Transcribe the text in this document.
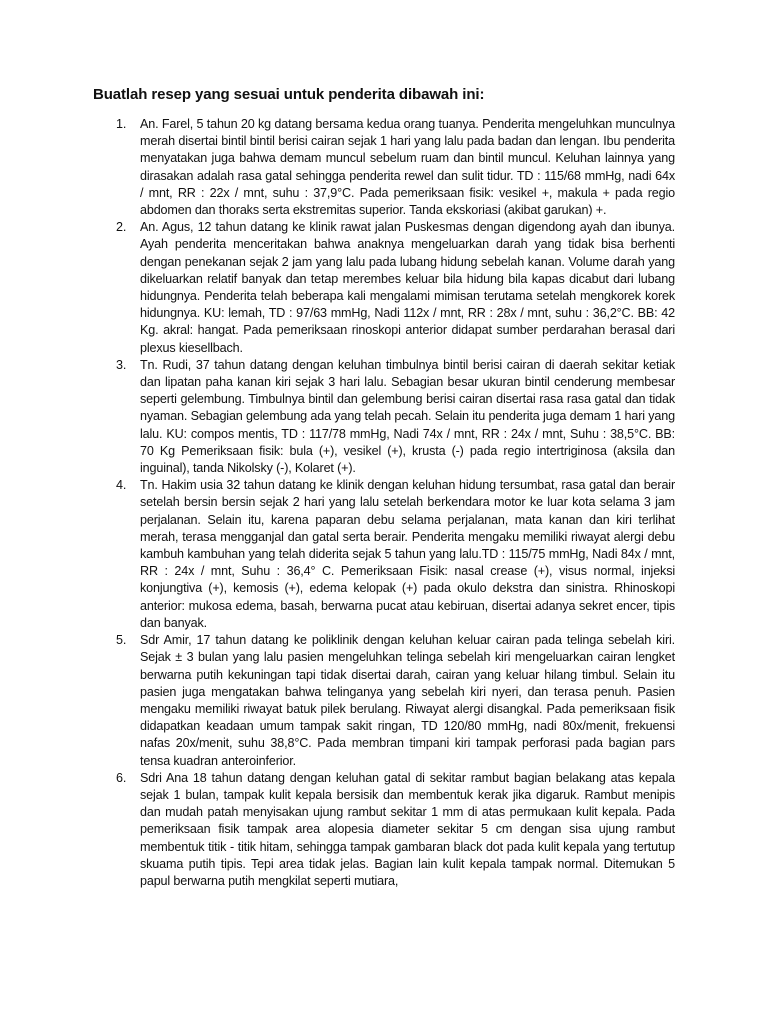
Buatlah resep yang sesuai untuk penderita dibawah ini:
1.	An. Farel, 5 tahun 20 kg datang bersama kedua orang tuanya. Penderita mengeluhkan munculnya merah disertai bintil bintil berisi cairan sejak 1 hari yang lalu pada badan dan lengan. Ibu penderita menyatakan juga bahwa demam muncul sebelum ruam dan bintil muncul. Keluhan lainnya yang dirasakan adalah rasa gatal sehingga penderita rewel dan sulit tidur. TD : 115/68 mmHg, nadi 64x / mnt, RR : 22x / mnt, suhu : 37,9°C. Pada pemeriksaan fisik: vesikel +, makula + pada regio abdomen dan thoraks serta ekstremitas superior. Tanda ekskoriasi (akibat garukan) +.
2.	An. Agus, 12 tahun datang ke klinik rawat jalan Puskesmas dengan digendong ayah dan ibunya. Ayah penderita menceritakan bahwa anaknya mengeluarkan darah yang tidak bisa berhenti dengan penekanan sejak 2 jam yang lalu pada lubang hidung sebelah kanan. Volume darah yang dikeluarkan relatif banyak dan tetap merembes keluar bila hidung bila kapas dicabut dari lubang hidungnya. Penderita telah beberapa kali mengalami mimisan terutama setelah mengkorek korek hidungnya. KU: lemah, TD : 97/63 mmHg, Nadi 112x / mnt, RR : 28x / mnt, suhu : 36,2°C. BB: 42 Kg. akral: hangat. Pada pemeriksaan rinoskopi anterior didapat sumber perdarahan berasal dari plexus kiesellbach.
3.	Tn. Rudi, 37 tahun datang dengan keluhan timbulnya bintil berisi cairan di daerah sekitar ketiak dan lipatan paha kanan kiri sejak 3 hari lalu. Sebagian besar ukuran bintil cenderung membesar seperti gelembung. Timbulnya bintil dan gelembung berisi cairan disertai rasa rasa gatal dan tidak nyaman. Sebagian gelembung ada yang telah pecah. Selain itu penderita juga demam 1 hari yang lalu. KU: compos mentis, TD : 117/78 mmHg, Nadi 74x / mnt, RR : 24x / mnt, Suhu : 38,5°C. BB: 70 Kg Pemeriksaan fisik: bula (+), vesikel (+), krusta (-) pada regio intertriginosa (aksila dan inguinal), tanda Nikolsky (-), Kolaret (+).
4.	Tn. Hakim usia 32 tahun datang ke klinik dengan keluhan hidung tersumbat, rasa gatal dan berair setelah bersin bersin sejak 2 hari yang lalu setelah berkendara motor ke luar kota selama 3 jam perjalanan. Selain itu, karena paparan debu selama perjalanan, mata kanan dan kiri terlihat merah, terasa mengganjal dan gatal serta berair. Penderita mengaku memiliki riwayat alergi debu kambuh kambuhan yang telah diderita sejak 5 tahun yang lalu.TD : 115/75 mmHg, Nadi 84x / mnt, RR : 24x / mnt, Suhu : 36,4° C. Pemeriksaan Fisik: nasal crease (+), visus normal, injeksi konjungtiva (+), kemosis (+), edema kelopak (+) pada okulo dekstra dan sinistra. Rhinoskopi anterior: mukosa edema, basah, berwarna pucat atau kebiruan, disertai adanya sekret encer, tipis dan banyak.
5.	Sdr Amir, 17 tahun datang ke poliklinik dengan keluhan keluar cairan pada telinga sebelah kiri. Sejak ± 3 bulan yang lalu pasien mengeluhkan telinga sebelah kiri mengeluarkan cairan lengket berwarna putih kekuningan tapi tidak disertai darah, cairan yang keluar hilang timbul. Selain itu pasien juga mengatakan bahwa telinganya yang sebelah kiri nyeri, dan terasa penuh. Pasien mengaku memiliki riwayat batuk pilek berulang. Riwayat alergi disangkal. Pada pemeriksaan fisik didapatkan keadaan umum tampak sakit ringan, TD 120/80 mmHg, nadi 80x/menit, frekuensi nafas 20x/menit, suhu 38,8°C. Pada membran timpani kiri tampak perforasi pada bagian pars tensa kuadran anteroinferior.
6.	Sdri Ana 18 tahun datang dengan keluhan gatal di sekitar rambut bagian belakang atas kepala sejak 1 bulan, tampak kulit kepala bersisik dan membentuk kerak jika digaruk. Rambut menipis dan mudah patah menyisakan ujung rambut sekitar 1 mm di atas permukaan kulit kepala. Pada pemeriksaan fisik tampak area alopesia diameter sekitar 5 cm dengan sisa ujung rambut membentuk titik - titik hitam, sehingga tampak gambaran black dot pada kulit kepala yang tertutup skuama putih tipis. Tepi area tidak jelas. Bagian lain kulit kepala tampak normal. Ditemukan 5 papul berwarna putih mengkilat seperti mutiara,
